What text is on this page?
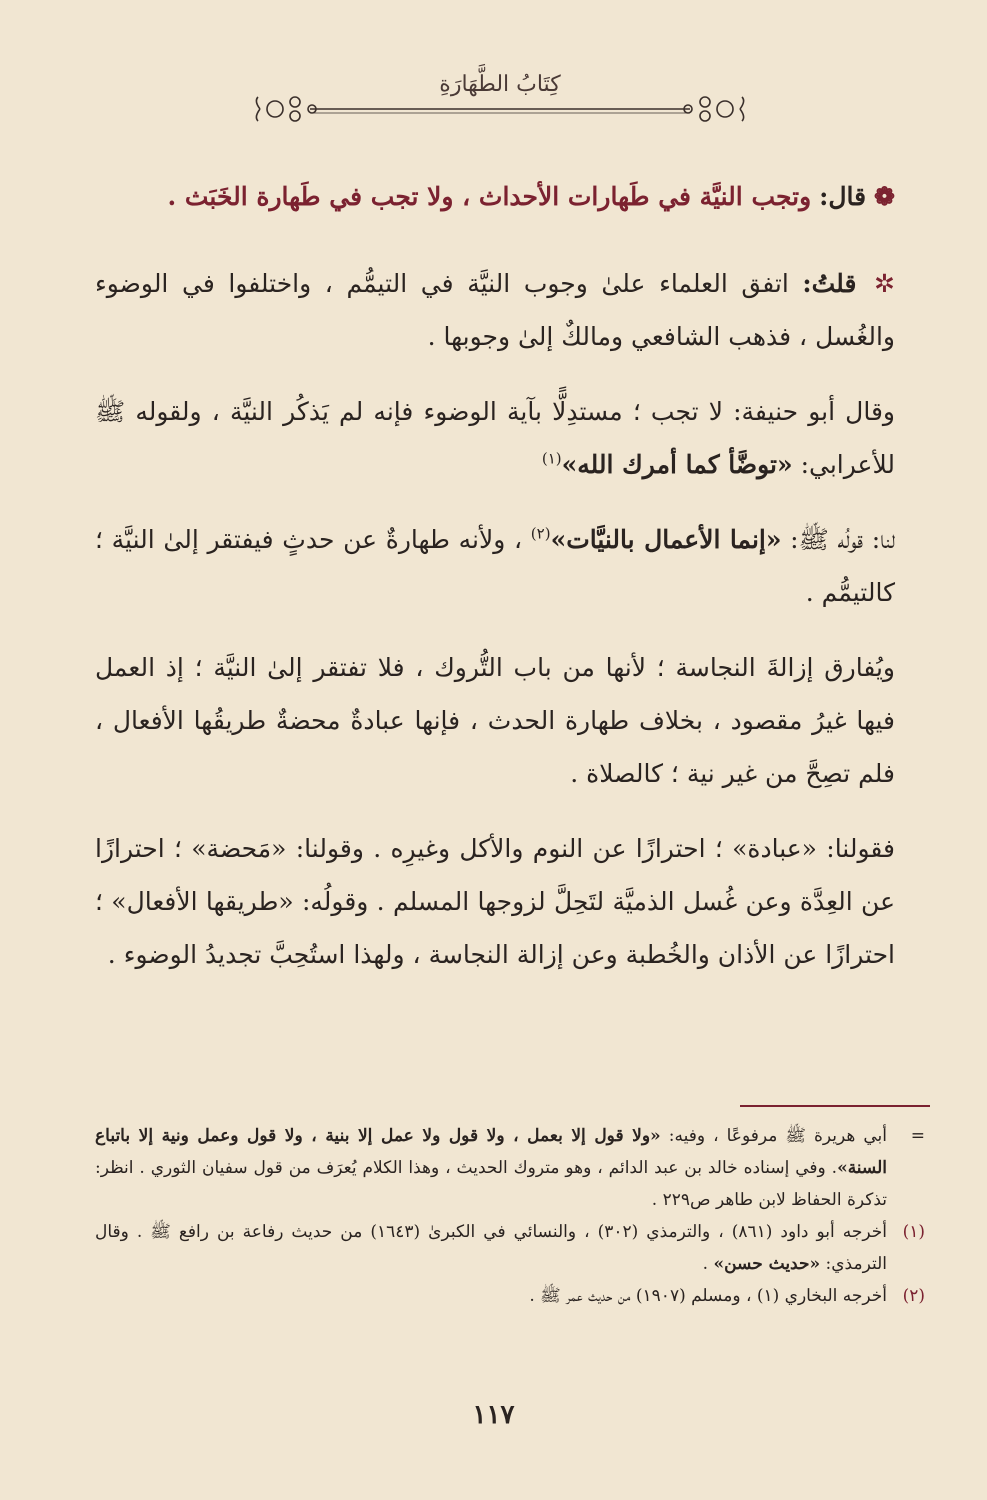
كِتَابُ الطَّهَارَةِ

❁ قال: وتجب النيَّة في طَهارات الأحداث ، ولا تجب في طَهارة الخَبَث .

✲ قلتُ: اتفق العلماء علىٰ وجوب النيَّة في التيمُّم ، واختلفوا في الوضوء والغُسل ، فذهب الشافعي ومالكٌ إلىٰ وجوبها .

وقال أبو حنيفة: لا تجب ؛ مستدِلًّا بآية الوضوء فإنه لم يَذكُر النيَّة ، ولقوله ﷺ للأعرابي: «توضَّأ كما أمرك الله»$^{(١)}$

لنا: قولُه ﷺ: «إنما الأعمال بالنيَّات»$^{(٢)}$ ، ولأنه طهارةٌ عن حدثٍ فيفتقر إلىٰ النيَّة ؛ كالتيمُّم .

ويُفارق إزالةَ النجاسة ؛ لأنها من باب التُّروك ، فلا تفتقر إلىٰ النيَّة ؛ إذ العمل فيها غيرُ مقصود ، بخلاف طهارة الحدث ، فإنها عبادةٌ محضةٌ طريقُها الأفعال ، فلم تصِحَّ من غير نية ؛ كالصلاة .

فقولنا: «عبادة» ؛ احترازًا عن النوم والأكل وغيرِه . وقولنا: «مَحضة» ؛ احترازًا عن العِدَّة وعن غُسل الذميَّة لتَحِلَّ لزوجها المسلم . وقولُه: «طريقها الأفعال» ؛ احترازًا عن الأذان والخُطبة وعن إزالة النجاسة ، ولهذا استُحِبَّ تجديدُ الوضوء .

=
أبي هريرة ﷺ مرفوعًا ، وفيه: «ولا قول إلا بعمل ، ولا قول ولا عمل إلا بنية ، ولا قول وعمل ونية إلا باتباع السنة». وفي إسناده خالد بن عبد الدائم ، وهو متروك الحديث ، وهذا الكلام يُعرَف من قول سفيان الثوري . انظر: تذكرة الحفاظ لابن طاهر ص٢٢٩ .
(١)
أخرجه أبو داود (٨٦١) ، والترمذي (٣٠٢) ، والنسائي في الكبرىٰ (١٦٤٣) من حديث رفاعة بن رافع ﷺ . وقال الترمذي: «حديث حسن» .
(٢)
أخرجه البخاري (١) ، ومسلم (١٩٠٧) من حديث عمر ﷺ .
١١٧
